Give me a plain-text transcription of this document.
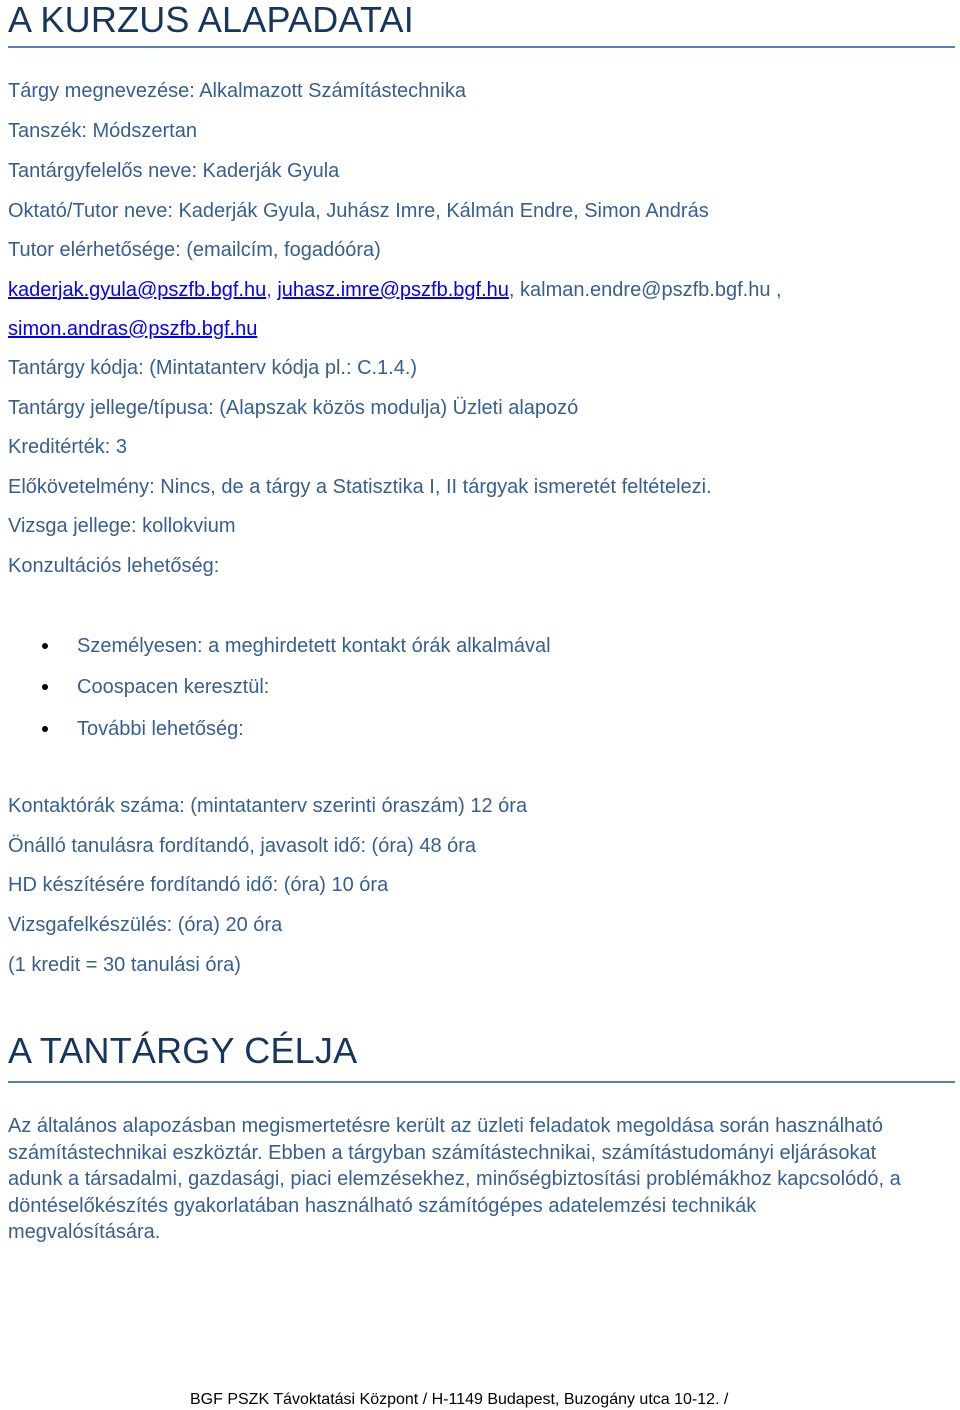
A KURZUS ALAPADATAI
Tárgy megnevezése: Alkalmazott Számítástechnika
Tanszék: Módszertan
Tantárgyfelelős neve: Kaderják Gyula
Oktató/Tutor neve: Kaderják Gyula, Juhász Imre, Kálmán Endre, Simon András
Tutor elérhetősége: (emailcím, fogadóóra)
kaderjak.gyula@pszfb.bgf.hu, juhasz.imre@pszfb.bgf.hu, kalman.endre@pszfb.bgf.hu ,
simon.andras@pszfb.bgf.hu
Tantárgy kódja: (Mintatanterv kódja pl.: C.1.4.)
Tantárgy jellege/típusa: (Alapszak közös modulja) Üzleti alapozó
Kreditérték: 3
Előkövetelmény: Nincs, de a tárgy a Statisztika I, II tárgyak ismeretét feltételezi.
Vizsga jellege: kollokvium
Konzultációs lehetőség:
Személyesen: a meghirdetett kontakt órák alkalmával
Coospacen keresztül:
További lehetőség:
Kontaktórák száma: (mintatanterv szerinti óraszám) 12 óra
Önálló tanulásra fordítandó, javasolt idő: (óra) 48 óra
HD készítésére fordítandó idő: (óra) 10 óra
Vizsgafelkészülés: (óra) 20 óra
(1 kredit = 30 tanulási óra)
A TANTÁRGY CÉLJA
Az általános alapozásban megismertetésre került az üzleti feladatok megoldása során használható számítástechnikai eszköztár. Ebben a tárgyban számítástechnikai, számítástudományi eljárásokat adunk a társadalmi, gazdasági, piaci elemzésekhez, minőségbiztosítási problémákhoz kapcsolódó, a döntéselőkészítés gyakorlatában használható számítógépes adatelemzési technikák megvalósítására.
BGF PSZK Távoktatási Központ / H-1149 Budapest, Buzogány utca 10-12. /
